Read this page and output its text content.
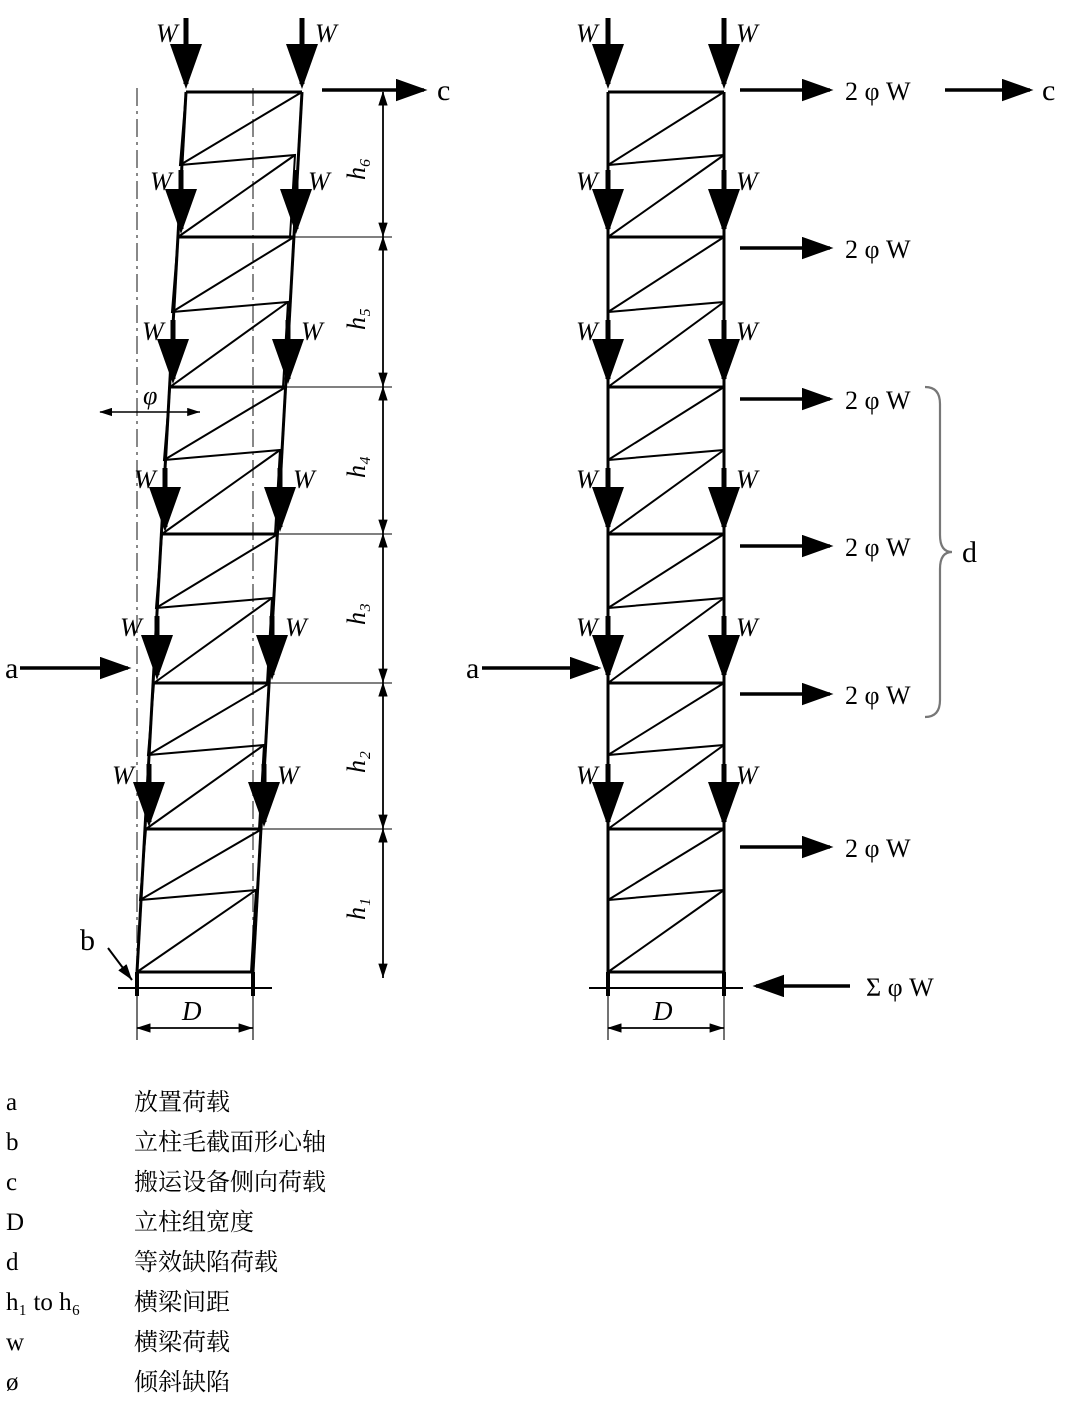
W	W
W	W
W	W
W	W
W	W
W	W
c
a
b
φ
h₆
h₅
h₄
h₃
h₂
h₁
D
W	W
W	W
W	W
W	W
W	W
W	W
2 φ W
2 φ W
2 φ W
2 φ W
2 φ W
2 φ W
c
a
d
Σ φ W
D
a	放置荷载
b	立柱毛截面形心轴
c	搬运设备侧向荷载
D	立柱组宽度
d	等效缺陷荷载
h₁ to h₆	横梁间距
w	横梁荷载
ø	倾斜缺陷
